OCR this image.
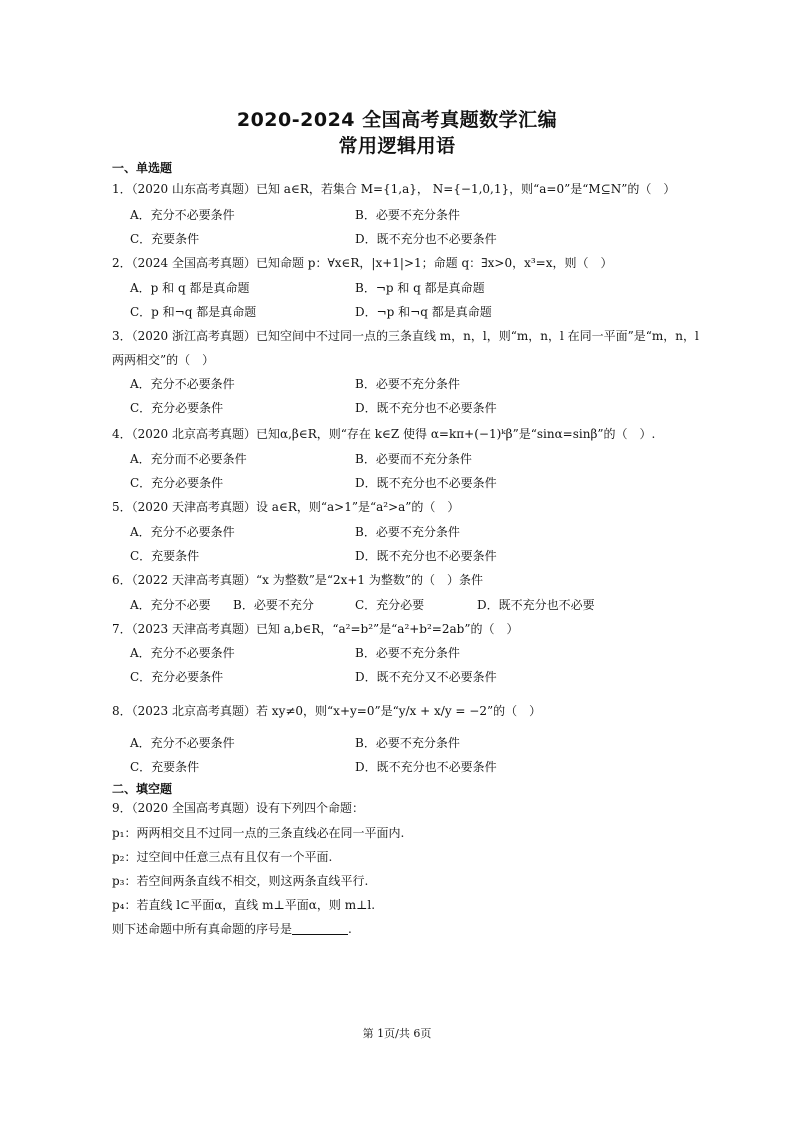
2020-2024 全国高考真题数学汇编
常用逻辑用语
一、单选题
1．（2020 山东高考真题）已知 a∈R，若集合 M={1,a}， N={−1,0,1}，则“a=0”是“M⊆N”的（　）
A．充分不必要条件	B．必要不充分条件
C．充要条件	D．既不充分也不必要条件
2．（2024 全国高考真题）已知命题 p：∀x∈R，|x+1|>1；命题 q：∃x>0，x³=x，则（　）
A．p 和 q 都是真命题	B．¬p 和 q 都是真命题
C．p 和¬q 都是真命题	D．¬p 和¬q 都是真命题
3．（2020 浙江高考真题）已知空间中不过同一点的三条直线 m，n，l，则“m，n，l 在同一平面”是“m，n，l
两两相交”的（　）
A．充分不必要条件	B．必要不充分条件
C．充分必要条件	D．既不充分也不必要条件
4．（2020 北京高考真题）已知α,β∈R，则“存在 k∈Z 使得 α=kπ+(−1)ᵏβ”是“sinα=sinβ”的（　）.
A．充分而不必要条件	B．必要而不充分条件
C．充分必要条件	D．既不充分也不必要条件
5．（2020 天津高考真题）设 a∈R，则“a>1”是“a²>a”的（　）
A．充分不必要条件	B．必要不充分条件
C．充要条件	D．既不充分也不必要条件
6．（2022 天津高考真题）“x 为整数”是“2x+1 为整数”的（　）条件
A．充分不必要 B．必要不充分	C．充分必要	D．既不充分也不必要
7．（2023 天津高考真题）已知 a,b∈R，“a²=b²”是“a²+b²=2ab”的（　）
A．充分不必要条件	B．必要不充分条件
C．充分必要条件	D．既不充分又不必要条件
8．（2023 北京高考真题）若 xy≠0，则“x+y=0”是“y/x + x/y = −2”的（　）
A．充分不必要条件	B．必要不充分条件
C．充要条件	D．既不充分也不必要条件
二、填空题
9．（2020 全国高考真题）设有下列四个命题：
p₁：两两相交且不过同一点的三条直线必在同一平面内.
p₂：过空间中任意三点有且仅有一个平面.
p₃：若空间两条直线不相交，则这两条直线平行.
p₄：若直线 l⊂平面α，直线 m⊥平面α，则 m⊥l.
则下述命题中所有真命题的序号是	.
第 1页/共 6页
